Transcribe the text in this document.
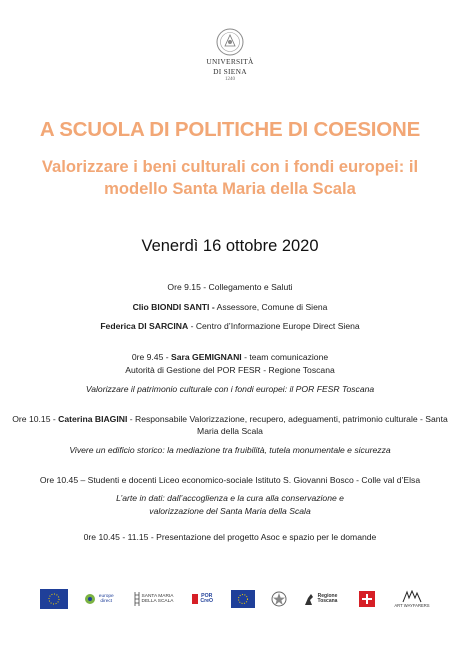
UNIVERSITÀ
DI SIENA
1240
A SCUOLA DI POLITICHE DI COESIONE
Valorizzare i beni culturali con i fondi europei: il modello Santa Maria della Scala
Venerdì 16 ottobre 2020
Ore 9.15 - Collegamento e Saluti
Clio BIONDI SANTI - Assessore, Comune di Siena
Federica DI SARCINA - Centro d’Informazione Europe Direct Siena
0re 9.45 - Sara GEMIGNANI - team comunicazione
Autorità di Gestione del POR FESR - Regione Toscana
Valorizzare il patrimonio culturale con i fondi europei: il POR FESR Toscana
Ore 10.15 - Caterina BIAGINI - Responsabile Valorizzazione, recupero, adeguamenti, patrimonio culturale - Santa Maria della Scala
Vivere un edificio storico: la mediazione tra fruibilità, tutela monumentale e sicurezza
Ore 10.45 – Studenti e docenti Liceo economico-sociale Istituto S. Giovanni Bosco - Colle val d’Elsa
L’arte in dati: dall’accoglienza e la cura alla conservazione e
valorizzazione del Santa Maria della Scala
0re 10.45 - 11.15 - Presentazione del progetto Asoc e spazio per le domande
europe direct
SANTA MARIA DELLA SCALA
POR CreO
Regione Toscana
ART WAYFARERS
